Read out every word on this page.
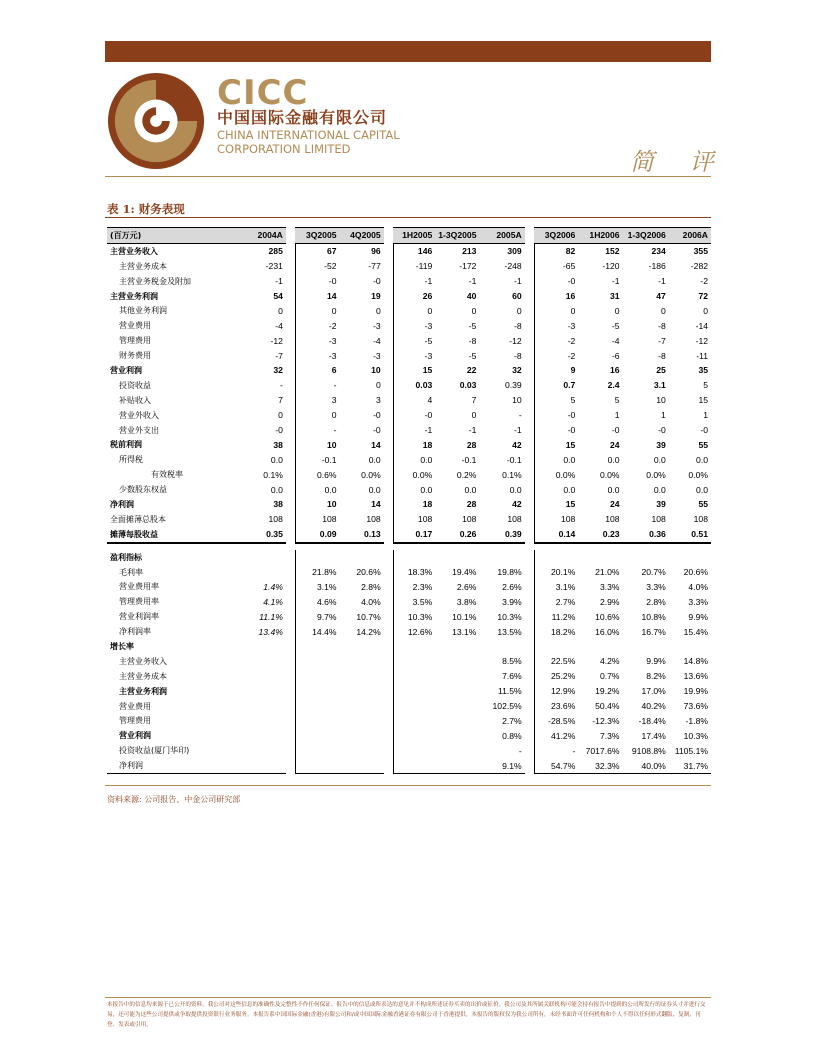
CICC
中国国际金融有限公司
CHINA INTERNATIONAL CAPITAL
CORPORATION LIMITED	简 评
表 1: 财务表现
(百万元)	2004A		3Q2005	4Q2005		1H2005	1-3Q2005	2005A		3Q2006	1H2006	1-3Q2006	2006A
主营业务收入	285		67	96		146	213	309		82	152	234	355
主营业务成本	-231		-52	-77		-119	-172	-248		-65	-120	-186	-282
主营业务税金及附加	-1		-0	-0		-1	-1	-1		-0	-1	-1	-2
主营业务利润	54		14	19		26	40	60		16	31	47	72
其他业务利润	0		0	0		0	0	0		0	0	0	0
营业费用	-4		-2	-3		-3	-5	-8		-3	-5	-8	-14
管理费用	-12		-3	-4		-5	-8	-12		-2	-4	-7	-12
财务费用	-7		-3	-3		-3	-5	-8		-2	-6	-8	-11
营业利润	32		6	10		15	22	32		9	16	25	35
投资收益	-		-	0		0.03	0.03	0.39		0.7	2.4	3.1	5
补贴收入	7		3	3		4	7	10		5	5	10	15
营业外收入	0		0	-0		-0	0	-		-0	1	1	1
营业外支出	-0		-	-0		-1	-1	-1		-0	-0	-0	-0
税前利润	38		10	14		18	28	42		15	24	39	55
所得税	0.0		-0.1	0.0		0.0	-0.1	-0.1		0.0	0.0	0.0	0.0
有效税率	0.1%		0.6%	0.0%		0.0%	0.2%	0.1%		0.0%	0.0%	0.0%	0.0%
少数股东权益	0.0		0.0	0.0		0.0	0.0	0.0		0.0	0.0	0.0	0.0
净利润	38		10	14		18	28	42		15	24	39	55
全面摊薄总股本	108		108	108		108	108	108		108	108	108	108
摊薄每股收益	0.35		0.09	0.13		0.17	0.26	0.39		0.14	0.23	0.36	0.51

盈利指标													
毛利率			21.8%	20.6%		18.3%	19.4%	19.8%		20.1%	21.0%	20.7%	20.6%
营业费用率	1.4%		3.1%	2.8%		2.3%	2.6%	2.6%		3.1%	3.3%	3.3%	4.0%
管理费用率	4.1%		4.6%	4.0%		3.5%	3.8%	3.9%		2.7%	2.9%	2.8%	3.3%
营业利润率	11.1%		9.7%	10.7%		10.3%	10.1%	10.3%		11.2%	10.6%	10.8%	9.9%
净利润率	13.4%		14.4%	14.2%		12.6%	13.1%	13.5%		18.2%	16.0%	16.7%	15.4%
增长率													
主营业务收入								8.5%		22.5%	4.2%	9.9%	14.8%
主营业务成本								7.6%		25.2%	0.7%	8.2%	13.6%
主营业务利润								11.5%		12.9%	19.2%	17.0%	19.9%
营业费用								102.5%		23.6%	50.4%	40.2%	73.6%
管理费用								2.7%		-28.5%	-12.3%	-18.4%	-1.8%
营业利润								0.8%		41.2%	7.3%	17.4%	10.3%
投资收益(厦门华印)								-		-	7017.6%	9108.8%	1105.1%
净利润								9.1%		54.7%	32.3%	40.0%	31.7%
资料来源: 公司报告、中金公司研究部
本报告中的信息均来源于已公开的资料，我公司对这些信息的准确性及完整性不作任何保证。报告中的信息或所表达的意见并不构成所述证券买卖的出价或征价。我公司及其所属关联机构可能会持有报告中提到的公司所发行的证券头寸并进行交易，还可能为这些公司提供或争取提供投资银行业务服务。本报告系中国国际金融(香港)有限公司和/或中国国际金融香港证券有限公司于香港提供。本报告的版权仅为我公司所有，未经书面许可任何机构和个人不得以任何形式翻版、复制、刊登、发表或引用。
